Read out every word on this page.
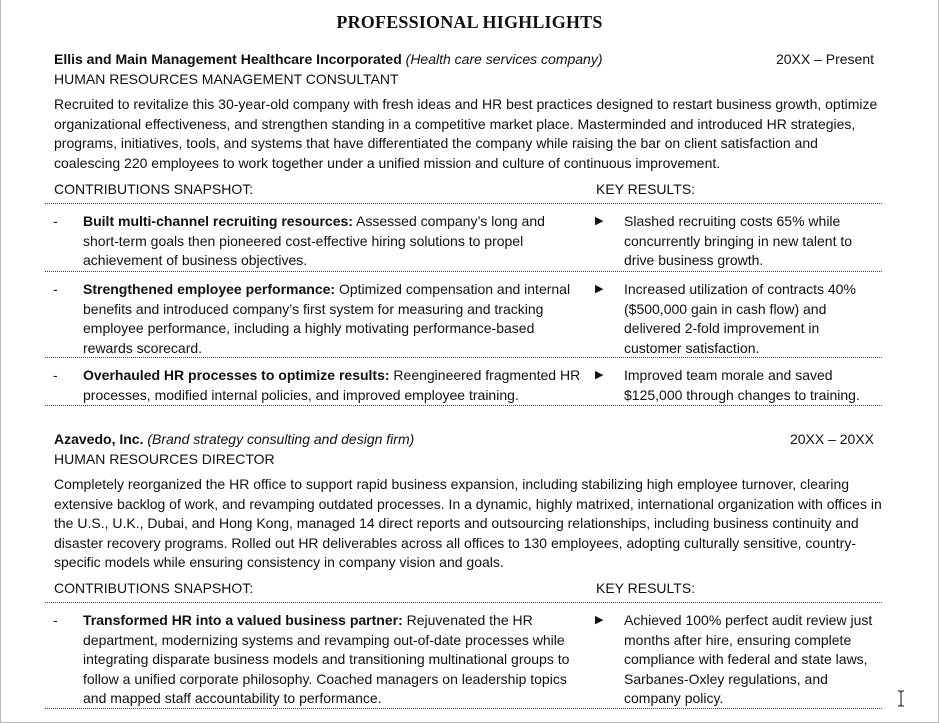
PROFESSIONAL HIGHLIGHTS
Ellis and Main Management Healthcare Incorporated (Health care services company)	20XX – Present
HUMAN RESOURCES MANAGEMENT CONSULTANT
Recruited to revitalize this 30-year-old company with fresh ideas and HR best practices designed to restart business growth, optimize organizational effectiveness, and strengthen standing in a competitive market place. Masterminded and introduced HR strategies, programs, initiatives, tools, and systems that have differentiated the company while raising the bar on client satisfaction and coalescing 220 employees to work together under a unified mission and culture of continuous improvement.
CONTRIBUTIONS SNAPSHOT:	KEY RESULTS:
- Built multi-channel recruiting resources: Assessed company’s long and short-term goals then pioneered cost-effective hiring solutions to propel achievement of business objectives.
▶ Slashed recruiting costs 65% while concurrently bringing in new talent to drive business growth.
- Strengthened employee performance: Optimized compensation and internal benefits and introduced company’s first system for measuring and tracking employee performance, including a highly motivating performance-based rewards scorecard.
▶ Increased utilization of contracts 40% ($500,000 gain in cash flow) and delivered 2-fold improvement in customer satisfaction.
- Overhauled HR processes to optimize results: Reengineered fragmented HR processes, modified internal policies, and improved employee training.
▶ Improved team morale and saved $125,000 through changes to training.
Azavedo, Inc. (Brand strategy consulting and design firm)	20XX – 20XX
HUMAN RESOURCES DIRECTOR
Completely reorganized the HR office to support rapid business expansion, including stabilizing high employee turnover, clearing extensive backlog of work, and revamping outdated processes. In a dynamic, highly matrixed, international organization with offices in the U.S., U.K., Dubai, and Hong Kong, managed 14 direct reports and outsourcing relationships, including business continuity and disaster recovery programs. Rolled out HR deliverables across all offices to 130 employees, adopting culturally sensitive, country-specific models while ensuring consistency in company vision and goals.
CONTRIBUTIONS SNAPSHOT:	KEY RESULTS:
- Transformed HR into a valued business partner: Rejuvenated the HR department, modernizing systems and revamping out-of-date processes while integrating disparate business models and transitioning multinational groups to follow a unified corporate philosophy. Coached managers on leadership topics and mapped staff accountability to performance.
▶ Achieved 100% perfect audit review just months after hire, ensuring complete compliance with federal and state laws, Sarbanes-Oxley regulations, and company policy.
